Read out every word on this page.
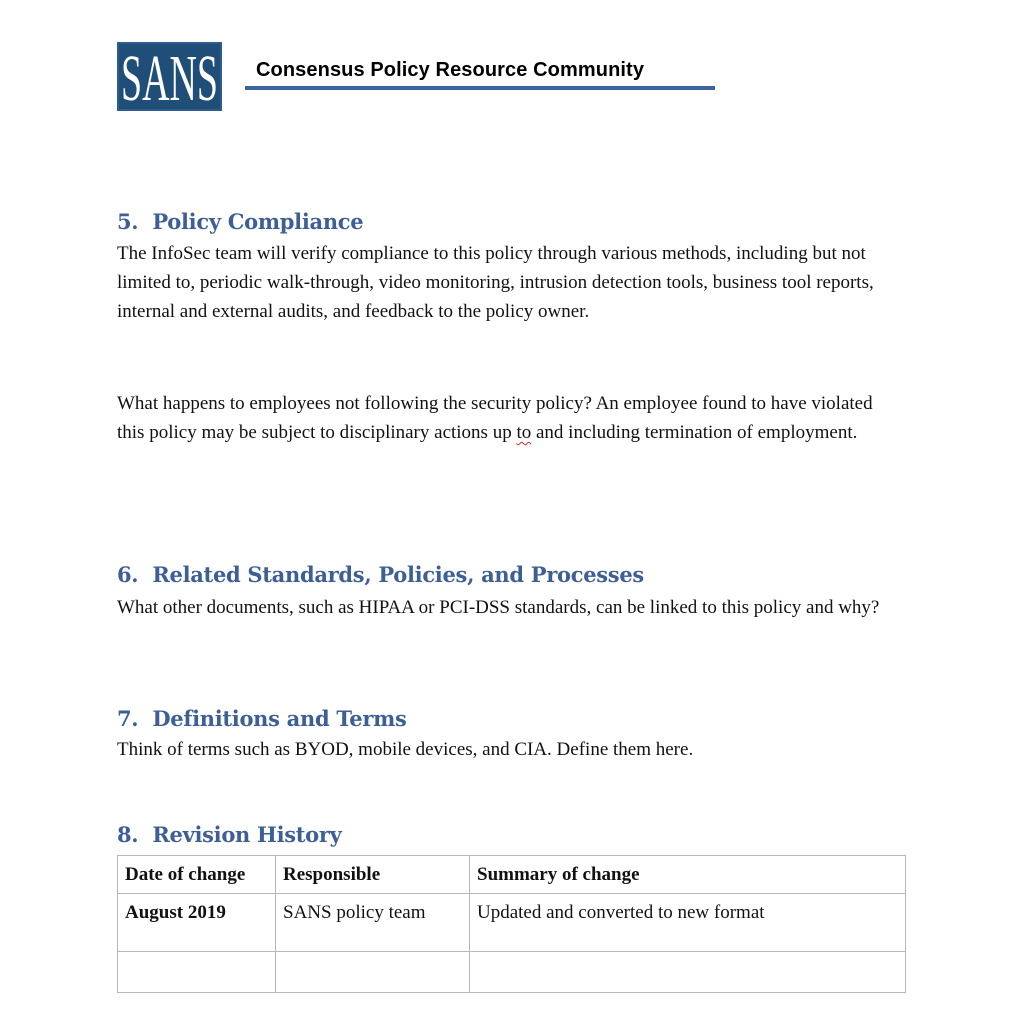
SANS Consensus Policy Resource Community
5. Policy Compliance

The InfoSec team will verify compliance to this policy through various methods, including but not limited to, periodic walk-through, video monitoring, intrusion detection tools, business tool reports, internal and external audits, and feedback to the policy owner.

What happens to employees not following the security policy? An employee found to have violated this policy may be subject to disciplinary actions up to and including termination of employment.

6. Related Standards, Policies, and Processes

What other documents, such as HIPAA or PCI-DSS standards, can be linked to this policy and why?

7. Definitions and Terms

Think of terms such as BYOD, mobile devices, and CIA. Define them here.

8. Revision History
Date of change	Responsible	Summary of change
August 2019	SANS policy team	Updated and converted to new format
